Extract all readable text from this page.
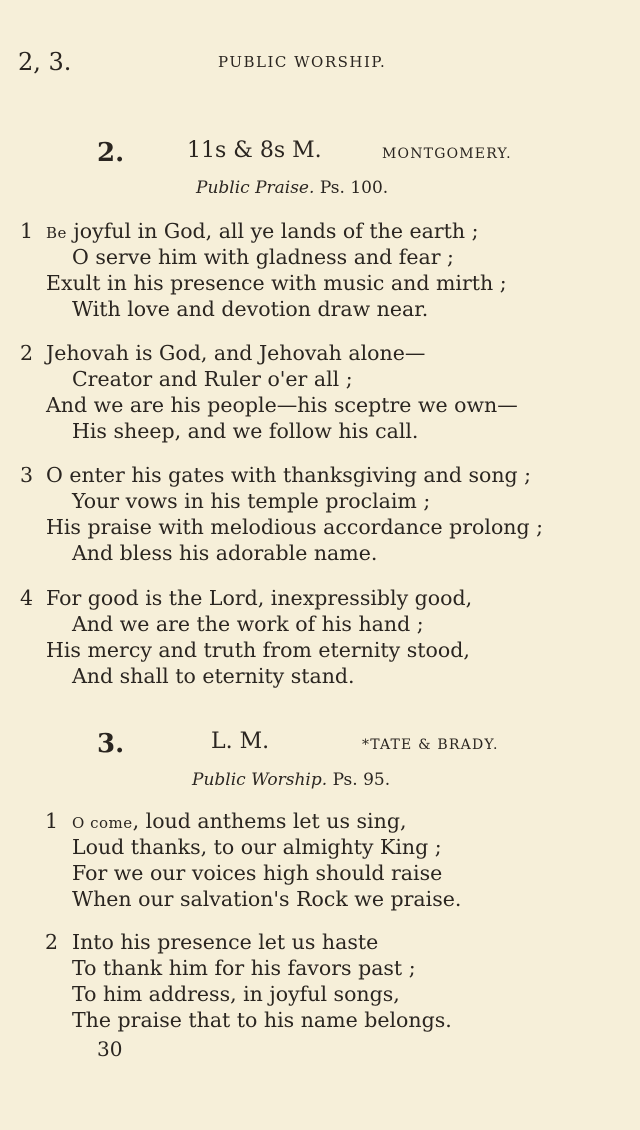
2, 3.	PUBLIC WORSHIP.
2.	11s & 8s M.	MONTGOMERY.
Public Praise. Ps. 100.
1 Be joyful in God, all ye lands of the earth ;
O serve him with gladness and fear ;
Exult in his presence with music and mirth ;
With love and devotion draw near.
2 Jehovah is God, and Jehovah alone—
Creator and Ruler o'er all ;
And we are his people—his sceptre we own—
His sheep, and we follow his call.
3 O enter his gates with thanksgiving and song ;
Your vows in his temple proclaim ;
His praise with melodious accordance prolong ;
And bless his adorable name.
4 For good is the Lord, inexpressibly good,
And we are the work of his hand ;
His mercy and truth from eternity stood,
And shall to eternity stand.
3.	L. M.	*TATE & BRADY.
Public Worship. Ps. 95.
1 O come, loud anthems let us sing,
Loud thanks, to our almighty King ;
For we our voices high should raise
When our salvation's Rock we praise.
2 Into his presence let us haste
To thank him for his favors past ;
To him address, in joyful songs,
The praise that to his name belongs.
30
